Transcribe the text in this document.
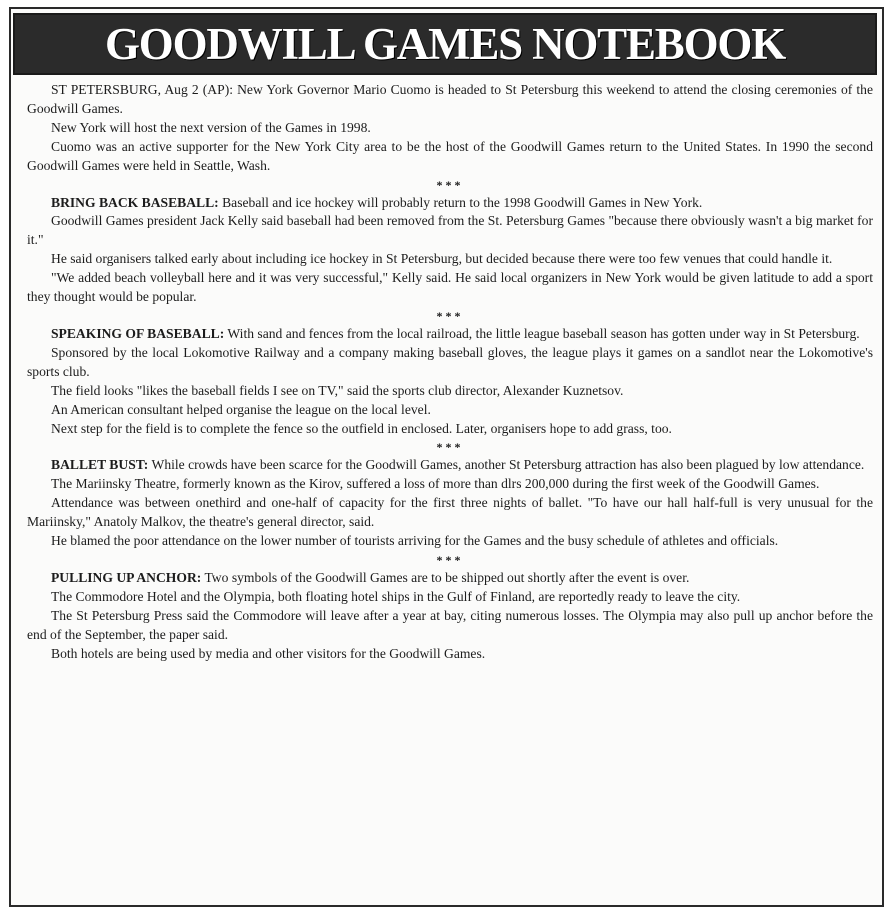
GOODWILL GAMES NOTEBOOK

ST PETERSBURG, Aug 2 (AP): New York Governor Mario Cuomo is headed to St Petersburg this weekend to attend the closing ceremonies of the Goodwill Games.

New York will host the next version of the Games in 1998.

Cuomo was an active supporter for the New York City area to be the host of the Goodwill Games return to the United States. In 1990 the second Goodwill Games were held in Seattle, Wash.

***

BRING BACK BASEBALL: Baseball and ice hockey will probably return to the 1998 Goodwill Games in New York.

Goodwill Games president Jack Kelly said baseball had been removed from the St. Petersburg Games "because there obviously wasn't a big market for it."

He said organisers talked early about including ice hockey in St Petersburg, but decided because there were too few venues that could handle it.

"We added beach volleyball here and it was very successful," Kelly said. He said local organizers in New York would be given latitude to add a sport they thought would be popular.

***

SPEAKING OF BASEBALL: With sand and fences from the local railroad, the little league baseball season has gotten under way in St Petersburg.

Sponsored by the local Lokomotive Railway and a company making baseball gloves, the league plays it games on a sandlot near the Lokomotive's sports club.

The field looks "likes the baseball fields I see on TV," said the sports club director, Alexander Kuznetsov.

An American consultant helped organise the league on the local level.

Next step for the field is to complete the fence so the outfield in enclosed. Later, organisers hope to add grass, too.

***

BALLET BUST: While crowds have been scarce for the Goodwill Games, another St Petersburg attraction has also been plagued by low attendance.

The Mariinsky Theatre, formerly known as the Kirov, suffered a loss of more than dlrs 200,000 during the first week of the Goodwill Games.

Attendance was between onethird and one-half of capacity for the first three nights of ballet. "To have our hall half-full is very unusual for the Mariinsky," Anatoly Malkov, the theatre's general director, said.

He blamed the poor attendance on the lower number of tourists arriving for the Games and the busy schedule of athletes and officials.

***

PULLING UP ANCHOR: Two symbols of the Goodwill Games are to be shipped out shortly after the event is over.

The Commodore Hotel and the Olympia, both floating hotel ships in the Gulf of Finland, are reportedly ready to leave the city.

The St Petersburg Press said the Commodore will leave after a year at bay, citing numerous losses. The Olympia may also pull up anchor before the end of the September, the paper said.

Both hotels are being used by media and other visitors for the Goodwill Games.
